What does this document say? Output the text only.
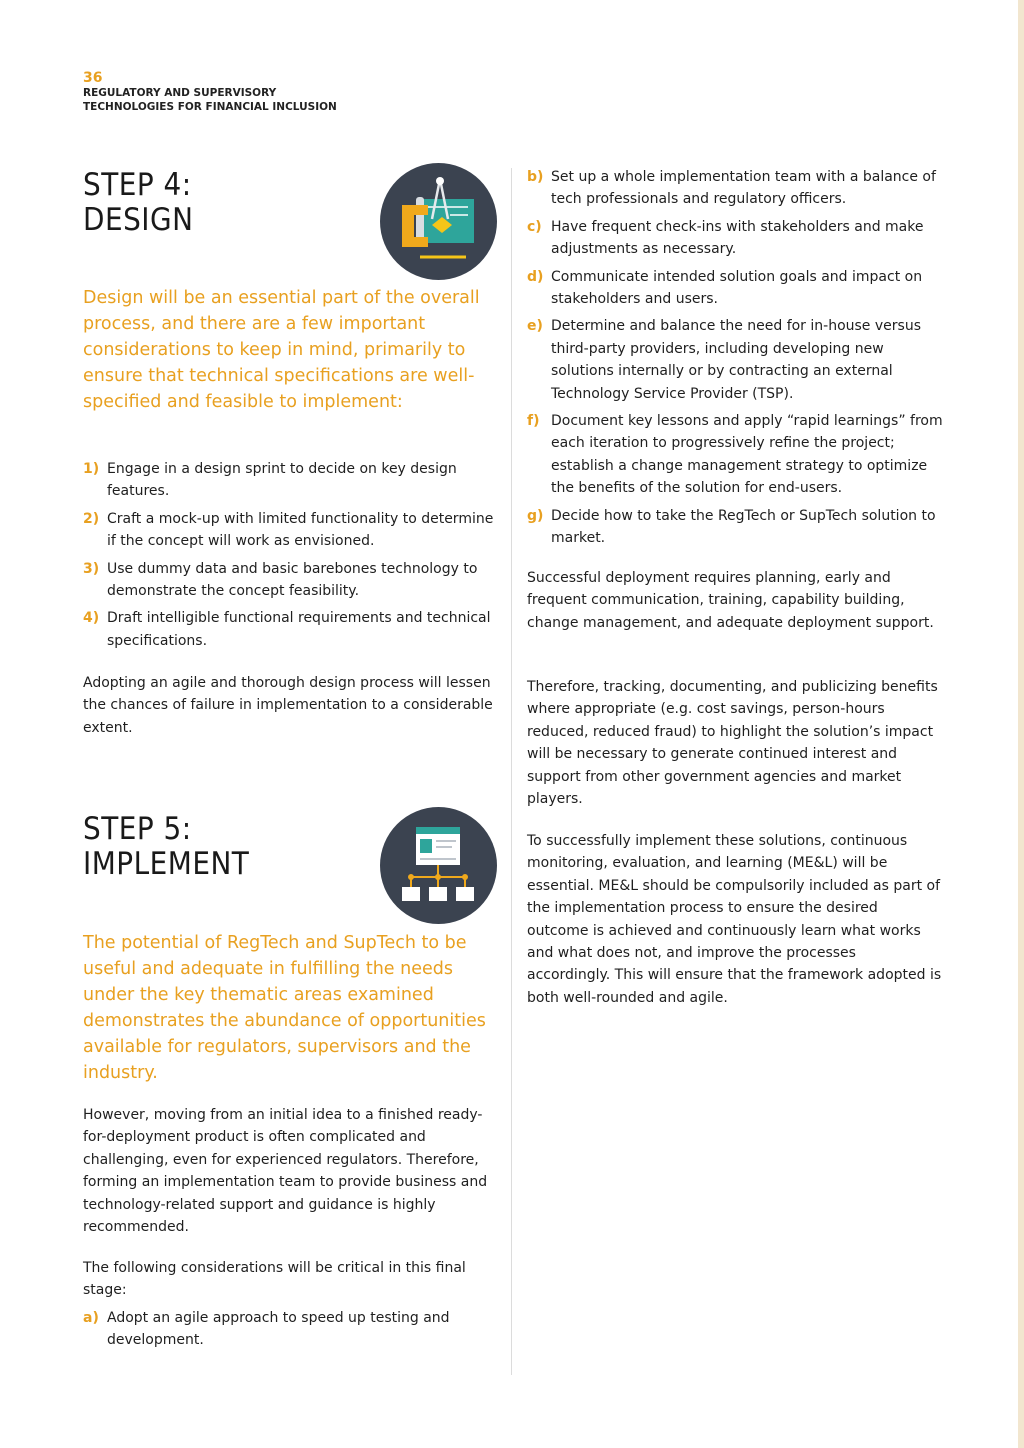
36
REGULATORY AND SUPERVISORY
TECHNOLOGIES FOR FINANCIAL INCLUSION
STEP 4:
DESIGN
Design will be an essential part of the overall process, and there are a few important considerations to keep in mind, primarily to ensure that technical specifications are well-specified and feasible to implement:
1) Engage in a design sprint to decide on key design features.
2) Craft a mock-up with limited functionality to determine if the concept will work as envisioned.
3) Use dummy data and basic barebones technology to demonstrate the concept feasibility.
4) Draft intelligible functional requirements and technical specifications.
Adopting an agile and thorough design process will lessen the chances of failure in implementation to a considerable extent.
STEP 5:
IMPLEMENT
The potential of RegTech and SupTech to be useful and adequate in fulfilling the needs under the key thematic areas examined demonstrates the abundance of opportunities available for regulators, supervisors and the industry.
However, moving from an initial idea to a finished ready-for-deployment product is often complicated and challenging, even for experienced regulators. Therefore, forming an implementation team to provide business and technology-related support and guidance is highly recommended.
The following considerations will be critical in this final stage:
a) Adopt an agile approach to speed up testing and development.
b) Set up a whole implementation team with a balance of tech professionals and regulatory officers.
c) Have frequent check-ins with stakeholders and make adjustments as necessary.
d) Communicate intended solution goals and impact on stakeholders and users.
e) Determine and balance the need for in-house versus third-party providers, including developing new solutions internally or by contracting an external Technology Service Provider (TSP).
f) Document key lessons and apply “rapid learnings” from each iteration to progressively refine the project; establish a change management strategy to optimize the benefits of the solution for end-users.
g) Decide how to take the RegTech or SupTech solution to market.
Successful deployment requires planning, early and frequent communication, training, capability building, change management, and adequate deployment support.
Therefore, tracking, documenting, and publicizing benefits where appropriate (e.g. cost savings, person-hours reduced, reduced fraud) to highlight the solution’s impact will be necessary to generate continued interest and support from other government agencies and market players.
To successfully implement these solutions, continuous monitoring, evaluation, and learning (ME&L) will be essential. ME&L should be compulsorily included as part of the implementation process to ensure the desired outcome is achieved and continuously learn what works and what does not, and improve the processes accordingly. This will ensure that the framework adopted is both well-rounded and agile.
